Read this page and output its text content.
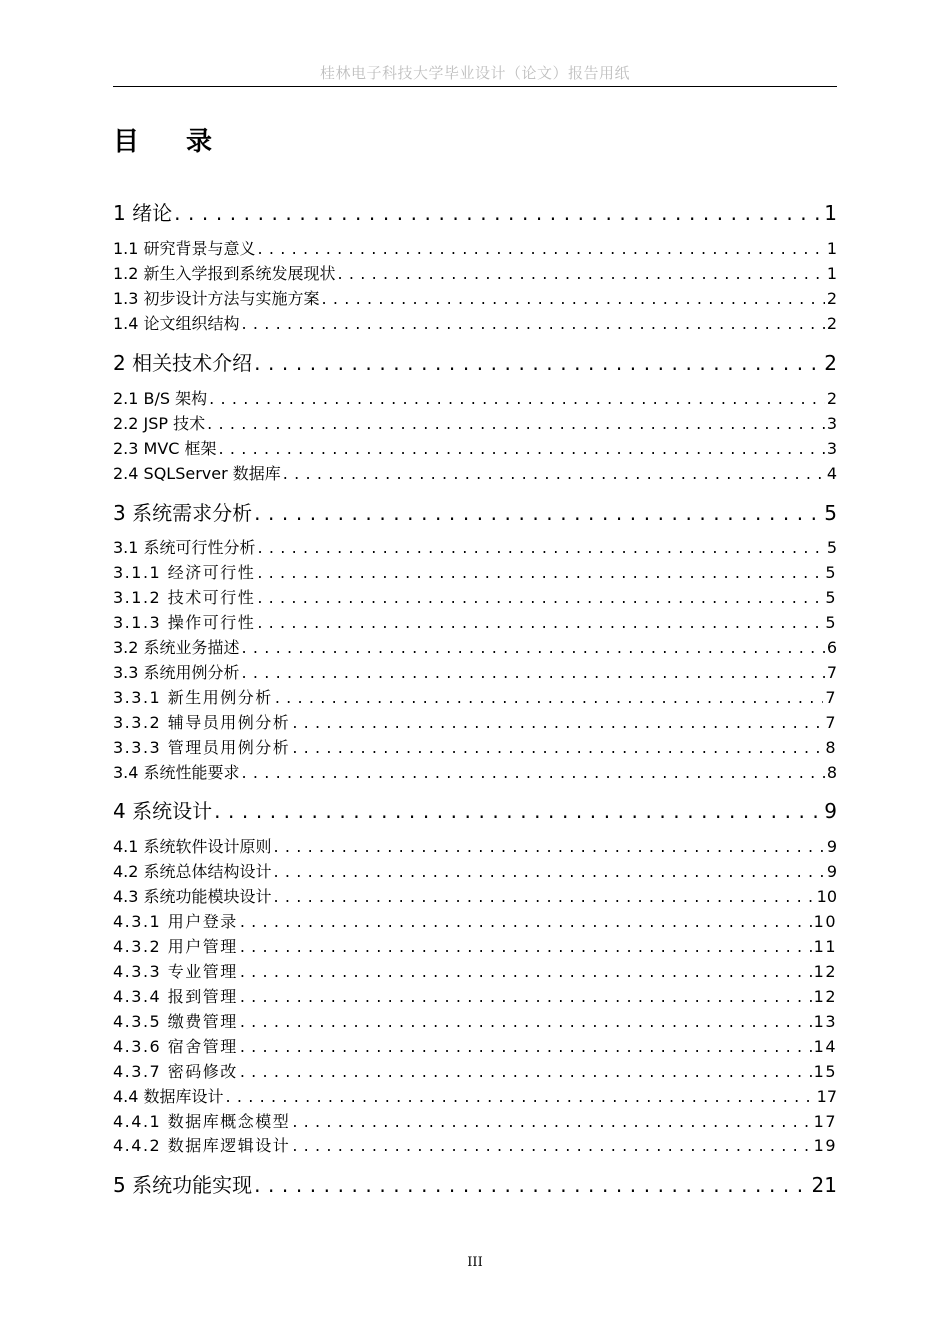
桂林电子科技大学毕业设计（论文）报告用纸
目 录
1 绪论 . . .	1
1.1 研究背景与意义 . . .	1
1.2 新生入学报到系统发展现状 . . .	1
1.3 初步设计方法与实施方案 . . .	2
1.4 论文组织结构 . . .	2
2 相关技术介绍 . . .	2
2.1 B/S 架构 . . .	2
2.2 JSP 技术 . . .	3
2.3 MVC 框架 . . .	3
2.4 SQLServer 数据库 . . .	4
3 系统需求分析 . . .	5
3.1 系统可行性分析 . . .	5
3.1.1 经济可行性 . . .	5
3.1.2 技术可行性 . . .	5
3.1.3 操作可行性 . . .	5
3.2 系统业务描述 . . .	6
3.3 系统用例分析 . . .	7
3.3.1 新生用例分析 . . .	7
3.3.2 辅导员用例分析 . . .	7
3.3.3 管理员用例分析 . . .	8
3.4 系统性能要求 . . .	8
4 系统设计 . . .	9
4.1 系统软件设计原则 . . .	9
4.2 系统总体结构设计 . . .	9
4.3 系统功能模块设计 . . .	10
4.3.1 用户登录 . . .	10
4.3.2 用户管理 . . .	11
4.3.3 专业管理 . . .	12
4.3.4 报到管理 . . .	12
4.3.5 缴费管理 . . .	13
4.3.6 宿舍管理 . . .	14
4.3.7 密码修改 . . .	15
4.4 数据库设计 . . .	17
4.4.1 数据库概念模型 . . .	17
4.4.2 数据库逻辑设计 . . .	19
5 系统功能实现 . . .	21
III
